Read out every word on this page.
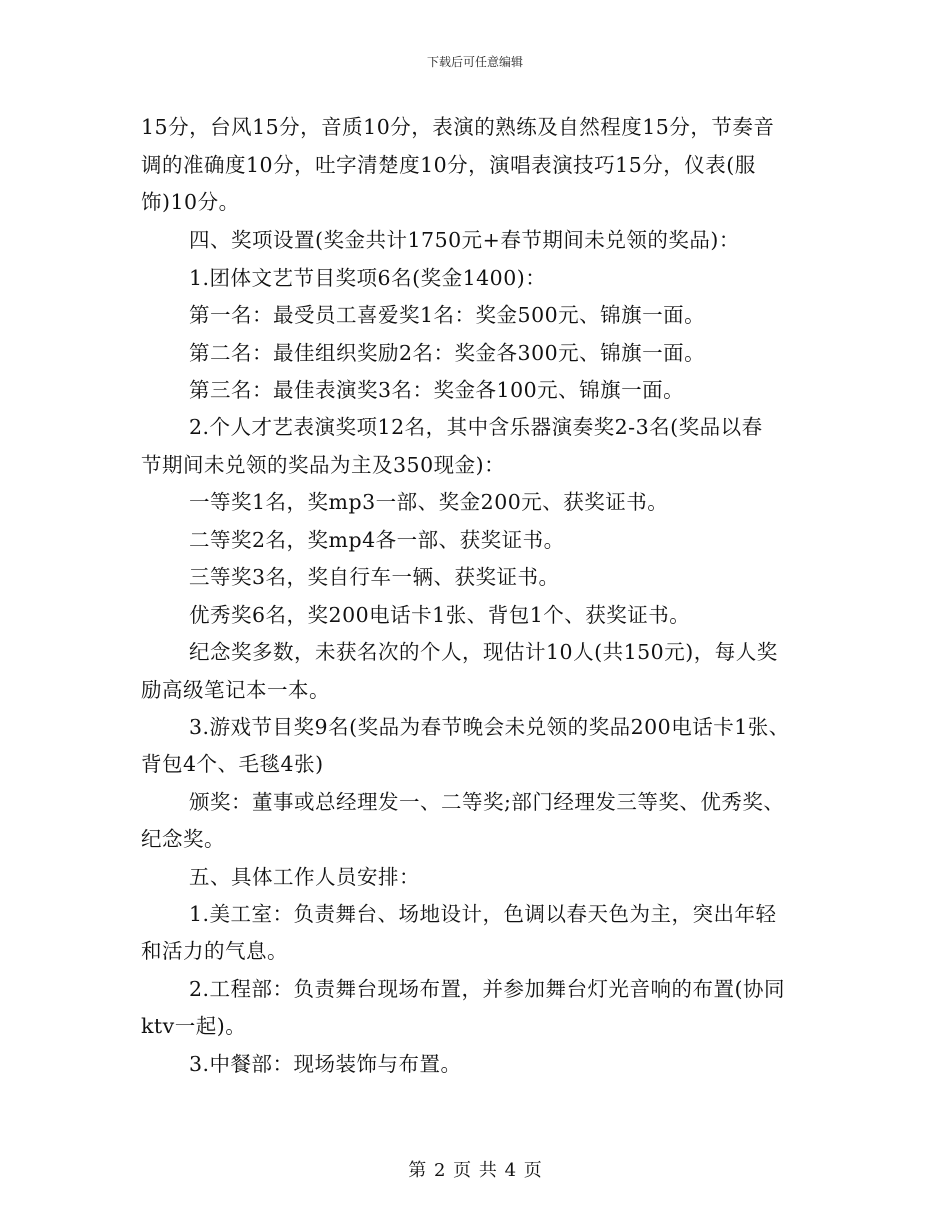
下载后可任意编辑
15分，台风15分，音质10分，表演的熟练及自然程度15分，节奏音
调的准确度10分，吐字清楚度10分，演唱表演技巧15分，仪表(服
饰)10分。
四、奖项设置(奖金共计1750元+春节期间未兑领的奖品)：
1.团体文艺节目奖项6名(奖金1400)：
第一名：最受员工喜爱奖1名：奖金500元、锦旗一面。
第二名：最佳组织奖励2名：奖金各300元、锦旗一面。
第三名：最佳表演奖3名：奖金各100元、锦旗一面。
2.个人才艺表演奖项12名，其中含乐器演奏奖2-3名(奖品以春
节期间未兑领的奖品为主及350现金)：
一等奖1名，奖mp3一部、奖金200元、获奖证书。
二等奖2名，奖mp4各一部、获奖证书。
三等奖3名，奖自行车一辆、获奖证书。
优秀奖6名，奖200电话卡1张、背包1个、获奖证书。
纪念奖多数，未获名次的个人，现估计10人(共150元)，每人奖
励高级笔记本一本。
3.游戏节目奖9名(奖品为春节晚会未兑领的奖品200电话卡1张、
背包4个、毛毯4张)
颁奖：董事或总经理发一、二等奖;部门经理发三等奖、优秀奖、
纪念奖。
五、具体工作人员安排：
1.美工室：负责舞台、场地设计，色调以春天色为主，突出年轻
和活力的气息。
2.工程部：负责舞台现场布置，并参加舞台灯光音响的布置(协同
ktv一起)。
3.中餐部：现场装饰与布置。
第 2 页 共 4 页
